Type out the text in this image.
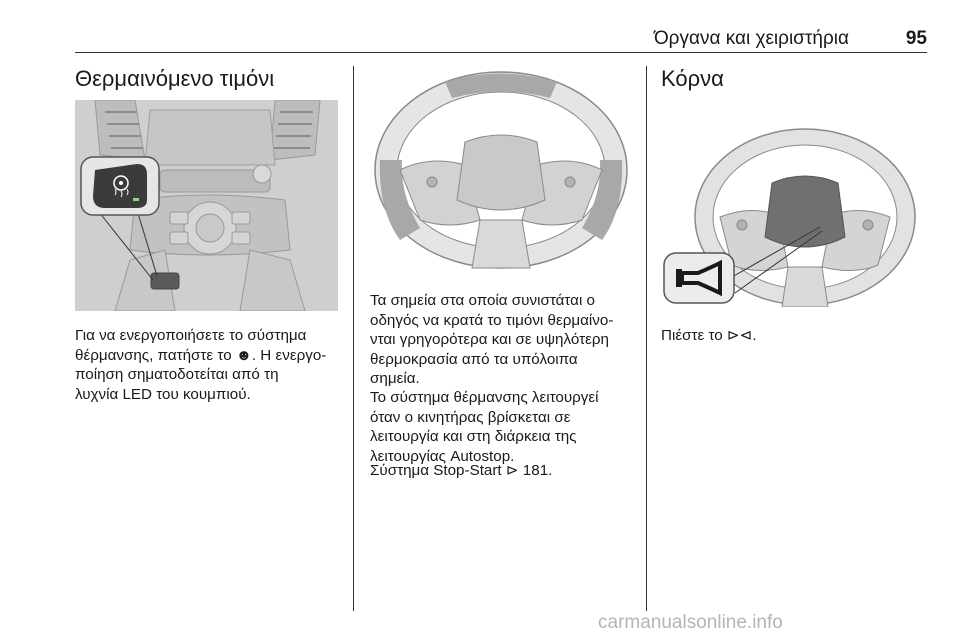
Όργανα και χειριστήρια	95
Θερμαινόμενο τιμόνι
Για να ενεργοποιήσετε το σύστημα
θέρμανσης, πατήστε το ☻. Η ενεργο-
ποίηση σηματοδοτείται από τη
λυχνία LED του κουμπιού.
Τα σημεία στα οποία συνιστάται ο
οδηγός να κρατά το τιμόνι θερμαίνο-
νται γρηγορότερα και σε υψηλότερη
θερμοκρασία από τα υπόλοιπα
σημεία.
Το σύστημα θέρμανσης λειτουργεί
όταν ο κινητήρας βρίσκεται σε
λειτουργία και στη διάρκεια της
λειτουργίας Autostop.
Σύστημα Stop-Start ⊳ 181.
Κόρνα
Πιέστε το ⊳⊲.
carmanualsonline.info
